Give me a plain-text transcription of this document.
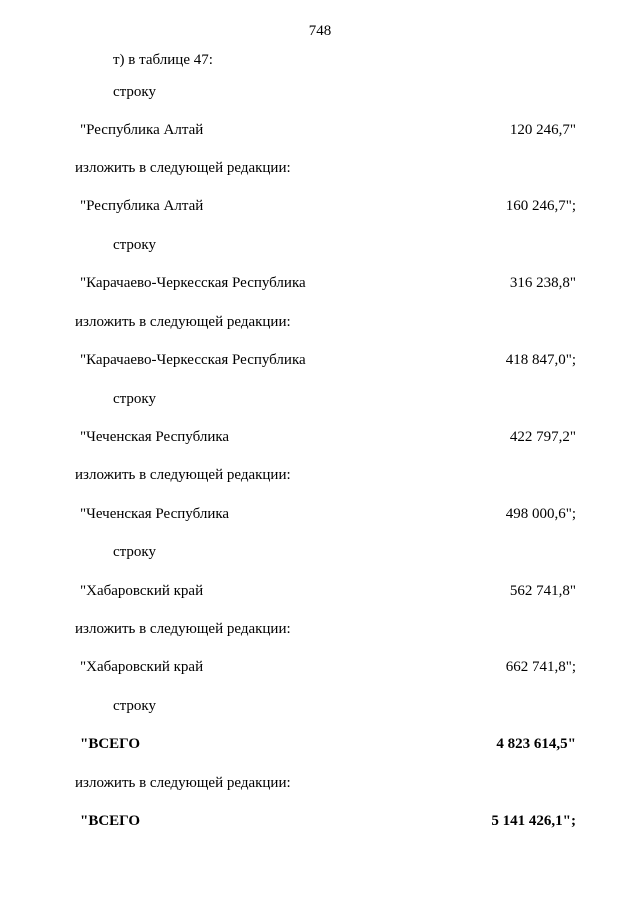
748
т) в таблице 47:
строку
"Республика Алтай	120 246,7"
изложить в следующей редакции:
"Республика Алтай	160 246,7";
строку
"Карачаево-Черкесская Республика	316 238,8"
изложить в следующей редакции:
"Карачаево-Черкесская Республика	418 847,0";
строку
"Чеченская Республика	422 797,2"
изложить в следующей редакции:
"Чеченская Республика	498 000,6";
строку
"Хабаровский край	562 741,8"
изложить в следующей редакции:
"Хабаровский край	662 741,8";
строку
"ВСЕГО	4 823 614,5"
изложить в следующей редакции:
"ВСЕГО	5 141 426,1";
